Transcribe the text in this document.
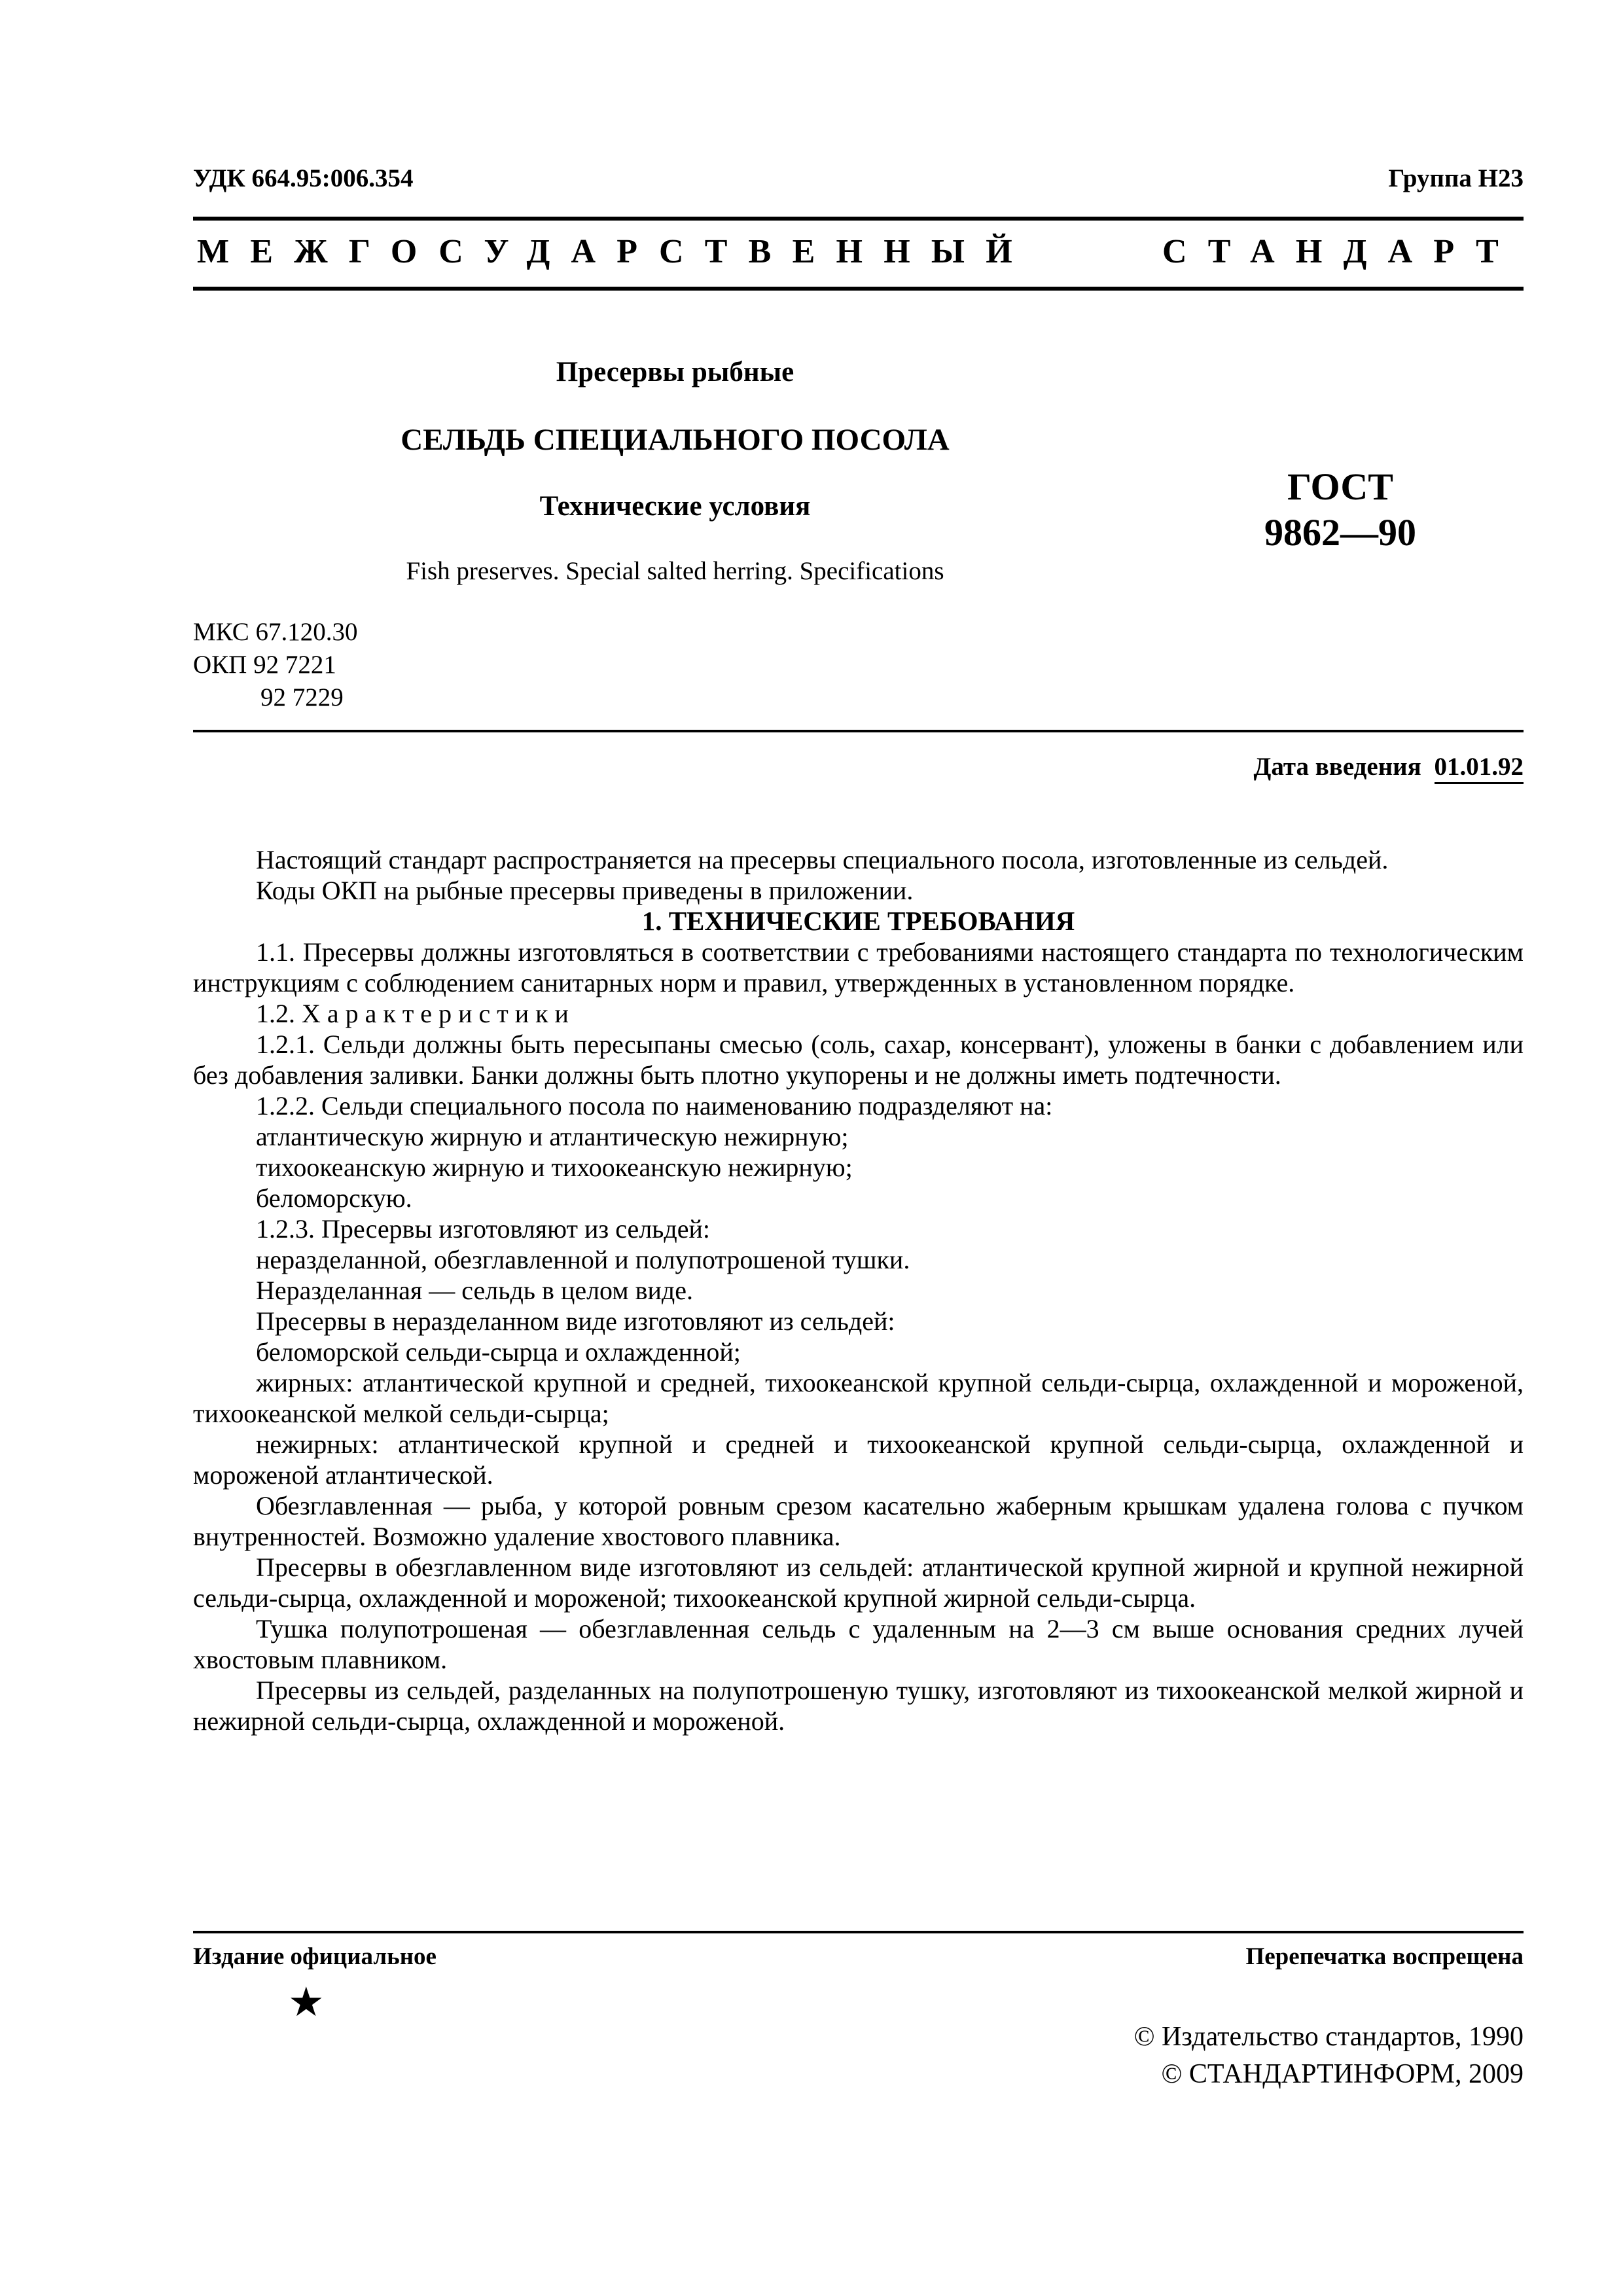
УДК 664.95:006.354	Группа Н23
МЕЖГОСУДАРСТВЕННЫЙ	СТАНДАРТ
Пресервы рыбные
СЕЛЬДЬ СПЕЦИАЛЬНОГО ПОСОЛА
Технические условия
Fish preserves. Special salted herring. Specifications
ГОСТ
9862—90
МКС 67.120.30
ОКП 92 7221
92 7229
Дата введения 01.01.92

Настоящий стандарт распространяется на пресервы специального посола, изготовленные из сельдей.

Коды ОКП на рыбные пресервы приведены в приложении.

1. ТЕХНИЧЕСКИЕ ТРЕБОВАНИЯ

1.1. Пресервы должны изготовляться в соответствии с требованиями настоящего стандарта по технологическим инструкциям с соблюдением санитарных норм и правил, утвержденных в установленном порядке.

1.2. Х а р а к т е р и с т и к и

1.2.1. Сельди должны быть пересыпаны смесью (соль, сахар, консервант), уложены в банки с добавлением или без добавления заливки. Банки должны быть плотно укупорены и не должны иметь подтечности.

1.2.2. Сельди специального посола по наименованию подразделяют на:

атлантическую жирную и атлантическую нежирную;

тихоокеанскую жирную и тихоокеанскую нежирную;

беломорскую.

1.2.3. Пресервы изготовляют из сельдей:

неразделанной, обезглавленной и полупотрошеной тушки.

Неразделанная — сельдь в целом виде.

Пресервы в неразделанном виде изготовляют из сельдей:

беломорской сельди-сырца и охлажденной;

жирных: атлантической крупной и средней, тихоокеанской крупной сельди-сырца, охлажденной и мороженой, тихоокеанской мелкой сельди-сырца;

нежирных: атлантической крупной и средней и тихоокеанской крупной сельди-сырца, охлажденной и мороженой атлантической.

Обезглавленная — рыба, у которой ровным срезом касательно жаберным крышкам удалена голова с пучком внутренностей. Возможно удаление хвостового плавника.

Пресервы в обезглавленном виде изготовляют из сельдей: атлантической крупной жирной и крупной нежирной сельди-сырца, охлажденной и мороженой; тихоокеанской крупной жирной сельди-сырца.

Тушка полупотрошеная — обезглавленная сельдь с удаленным на 2—3 см выше основания средних лучей хвостовым плавником.

Пресервы из сельдей, разделанных на полупотрошеную тушку, изготовляют из тихоокеанской мелкой жирной и нежирной сельди-сырца, охлажденной и мороженой.

Издание официальное	Перепечатка воспрещена
★
© Издательство стандартов, 1990
© СТАНДАРТИНФОРМ, 2009
